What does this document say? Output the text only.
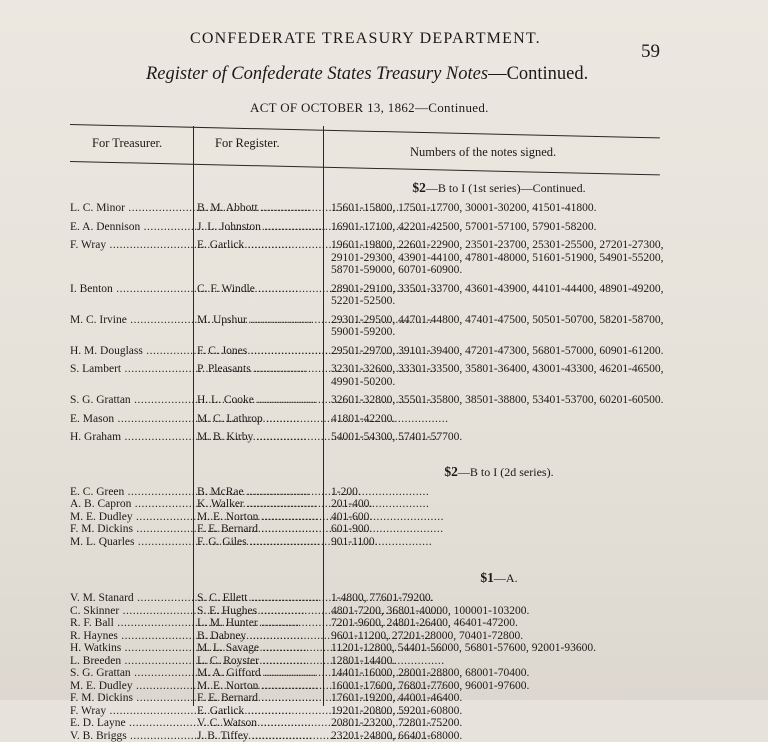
CONFEDERATE TREASURY DEPARTMENT.
59
Register of Confederate States Treasury Notes—Continued.
ACT OF OCTOBER 13, 1862—Continued.
For Treasurer.	For Register.
Numbers of the notes signed.
$2—B to I (1st series)—Continued.
L. C. Minor .....	B. M. Abbott .....	15601-15800, 17501-17700, 30001-30200, 41501-41800.
E. A. Dennison .....	J. L. Johnston .....	16901-17100, 42201-42500, 57001-57100, 57901-58200.
F. Wray .....	E. Garlick .....	19601-19800, 22601-22900, 23501-23700, 25301-25500, 27201-27300, 29101-29300, 43901-44100, 47801-48000, 51601-51900, 54901-55200, 58701-59000, 60701-60900.
I. Benton .....	C. F. Windle .....	28901-29100, 33501-33700, 43601-43900, 44101-44400, 48901-49200, 52201-52500.
M. C. Irvine .....	M. Upshur .....	29301-29500, 44701-44800, 47401-47500, 50501-50700, 58201-58700, 59001-59200.
H. M. Douglass .....	F. C. Jones .....	29501-29700, 39101-39400, 47201-47300, 56801-57000, 60901-61200.
S. Lambert .....	P. Pleasants .....	32301-32600, 33301-33500, 35801-36400, 43001-43300, 46201-46500, 49901-50200.
S. G. Grattan .....	H. L. Cooke .....	32601-32800, 35501-35800, 38501-38800, 53401-53700, 60201-60500.
E. Mason .....	M. C. Lathrop .....	41801-42200.
H. Graham .....	M. B. Kirby .....	54001-54300, 57401-57700.
$2—B to I (2d series).
E. C. Green .....	B. McRae .....	1-200.
A. B. Capron .....	K. Walker .....	201-400.
M. E. Dudley .....	M. E. Norton .....	401-600.
F. M. Dickins .....	F. E. Bernard .....	601-900.
M. L. Quarles .....	F. G. Giles .....	901-1100.
$1—A.
V. M. Stanard .....	S. C. Ellett .....	1-4800, 77601-79200.
C. Skinner .....	S. E. Hughes .....	4801-7200, 36801-40000, 100001-103200.
R. F. Ball .....	L. M. Hunter .....	7201-9600, 24801-26400, 46401-47200.
R. Haynes .....	B. Dabney .....	9601-11200, 27201-28000, 70401-72800.
H. Watkins .....	M. L. Savage .....	11201-12800, 54401-56000, 56801-57600, 92001-93600.
L. Breeden .....	L. C. Royster .....	12801-14400.
S. G. Grattan .....	M. A. Gifford .....	14401-16000, 28001-28800, 68001-70400.
M. E. Dudley .....	M. E. Norton .....	16001-17600, 76801-77600, 96001-97600.
F. M. Dickins .....	F. E. Bernard .....	17601-19200, 44001-46400.
F. Wray .....	E. Garlick .....	19201-20800, 59201-60800.
E. D. Layne .....	V. C. Watson .....	20801-23200, 72801-75200.
V. B. Briggs .....	J. B. Tiffey .....	23201-24800, 66401-68000.
